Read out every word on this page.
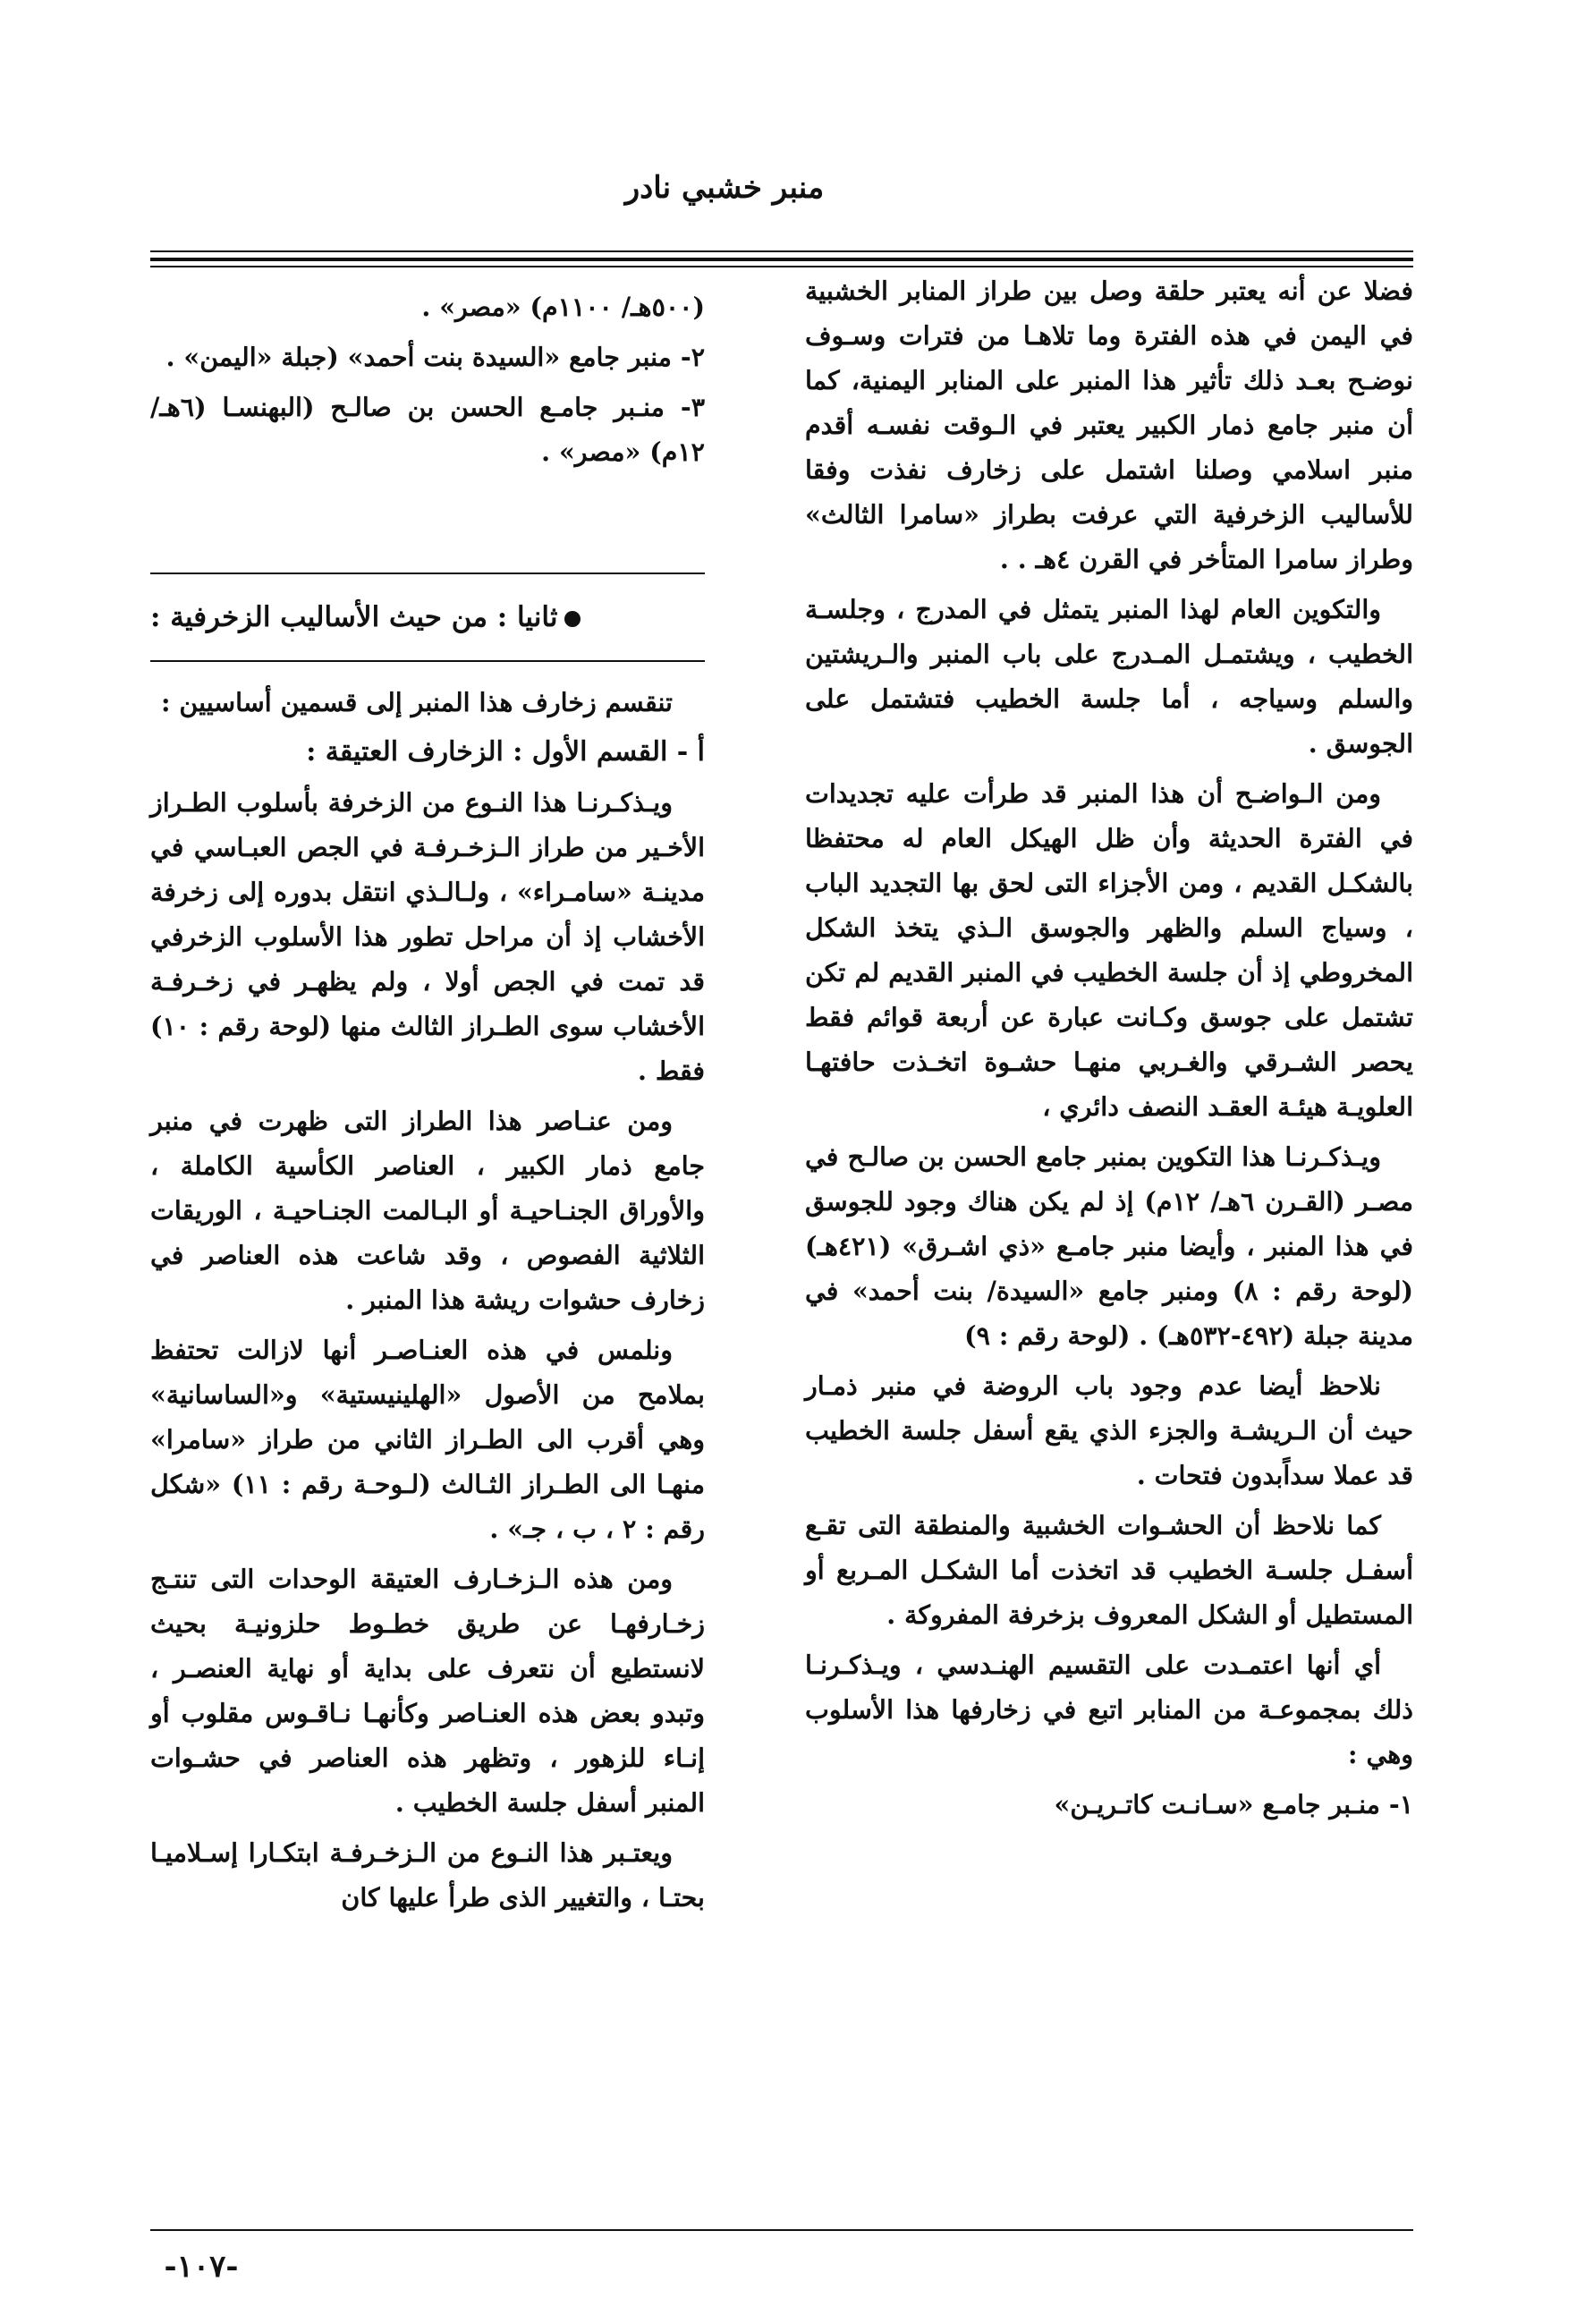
منبر خشبي نادر

فضلا عن أنه يعتبر حلقة وصل بين طراز المنابر الخشبية في اليمن في هذه الفترة وما تلاهـا من فترات وسـوف نوضـح بعـد ذلك تأثير هذا المنبر على المنابر اليمنية، كما أن منبر جامع ذمار الكبير يعتبر في الـوقت نفسـه أقدم منبر اسلامي وصلنا اشتمل على زخارف نفذت وفقا للأساليب الزخرفية التي عرفت بطراز «سامرا الثالث» وطراز سامرا المتأخر في القرن ٤هـ . .

والتكوين العام لهذا المنبر يتمثل في المدرج ، وجلسـة الخطيب ، ويشتمـل المـدرج على باب المنبر والـريشتين والسلم وسياجه ، أما جلسة الخطيب فتشتمل على الجوسق .

ومن الـواضـح أن هذا المنبر قد طرأت عليه تجديدات في الفترة الحديثة وأن ظل الهيكل العام له محتفظا بالشكـل القديم ، ومن الأجزاء التى لحق بها التجديد الباب ، وسياج السلم والظهر والجوسق الـذي يتخذ الشكل المخروطي إذ أن جلسة الخطيب في المنبر القديم لم تكن تشتمل على جوسق وكـانت عبارة عن أربعة قوائم فقط يحصر الشـرقي والغـربي منهـا حشـوة اتخـذت حافتهـا العلويـة هيئـة العقـد النصف دائري ،

ويـذكـرنـا هذا التكوين بمنبر جامع الحسن بن صالـح في مصـر (القـرن ٦هـ/ ١٢م) إذ لم يكن هناك وجود للجوسق في هذا المنبر ، وأيضا منبر جامـع «ذي اشـرق» (٤٢١هـ) (لوحة رقم : ٨) ومنبر جامع «السيدة/ بنت أحمد» في مدينة جبلة (٤٩٢-٥٣٢هـ) . (لوحة رقم : ٩)

نلاحظ أيضا عدم وجود باب الروضة في منبر ذمـار حيث أن الـريشـة والجزء الذي يقع أسفل جلسة الخطيب قد عملا سداًبدون فتحات .

كما نلاحظ أن الحشـوات الخشبية والمنطقة التى تقـع أسفـل جلسـة الخطيب قد اتخذت أما الشكـل المـربع أو المستطيل أو الشكل المعروف بزخرفة المفروكة .

أي أنها اعتمـدت على التقسيم الهنـدسي ، ويـذكـرنـا ذلك بمجموعـة من المنابر اتبع في زخارفها هذا الأسلوب وهي :

١- منـبر جامـع «سـانـت كاتـريـن»

(٥٠٠هـ/ ١١٠٠م) «مصر» .

٢- منبر جامع «السيدة بنت أحمد» (جبلة «اليمن» .

٣- منـبر جامـع الحسن بن صالـح (البهنسـا (٦هـ/ ١٢م) «مصر» .

ثانيا : من حيث الأساليب الزخرفية :

تنقسم زخارف هذا المنبر إلى قسمين أساسيين :

أ - القسم الأول : الزخارف العتيقة :

ويـذكـرنـا هذا النـوع من الزخرفة بأسلوب الطـراز الأخـير من طراز الـزخـرفـة في الجص العبـاسي في مدينـة «سامـراء» ، ولـالـذي انتقل بدوره إلى زخرفة الأخشاب إذ أن مراحل تطور هذا الأسلوب الزخرفي قد تمت في الجص أولا ، ولم يظهـر في زخـرفـة الأخشاب سوى الطـراز الثالث منها (لوحة رقم : ١٠) فقط .

ومن عنـاصر هذا الطراز التى ظهرت في منبر جامع ذمار الكبير ، العناصر الكأسية الكاملة ، والأوراق الجنـاحيـة أو البـالمت الجنـاحيـة ، الوريقات الثلاثية الفصوص ، وقد شاعت هذه العناصر في زخارف حشوات ريشة هذا المنبر .

ونلمس في هذه العنـاصـر أنها لازالت تحتفظ بملامح من الأصول «الهلينيستية» و«الساسانية» وهي أقرب الى الطـراز الثاني من طراز «سامرا» منهـا الى الطـراز الثـالث (لـوحـة رقم : ١١) «شكل رقم : ٢ ، ب ، جـ» .

ومن هذه الـزخـارف العتيقة الوحدات التى تنتـج زخـارفهـا عن طريق خطـوط حلزونيـة بحيث لانستطيع أن نتعرف على بداية أو نهاية العنصـر ، وتبدو بعض هذه العنـاصر وكأنهـا نـاقـوس مقلوب أو إنـاء للزهور ، وتظهر هذه العناصر في حشـوات المنبر أسفل جلسة الخطيب .

ويعتـبر هذا النـوع من الـزخـرفـة ابتكـارا إسـلاميـا بحتـا ، والتغيير الذى طرأ عليها كان

-١٠٧-
